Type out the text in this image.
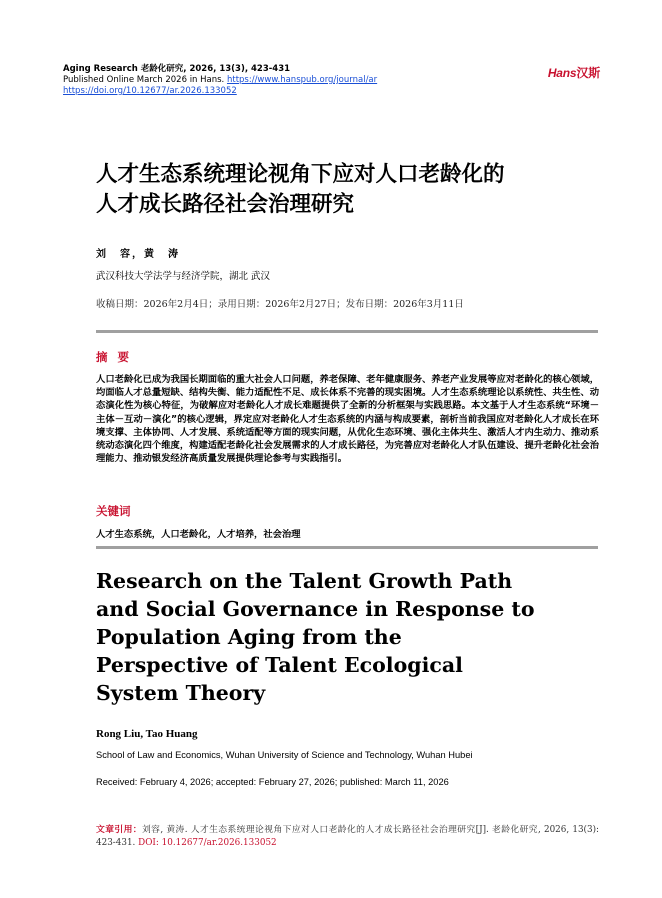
Aging Research 老龄化研究, 2026, 13(3), 423-431
Published Online March 2026 in Hans. https://www.hanspub.org/journal/ar
https://doi.org/10.12677/ar.2026.133052
Hans汉斯
人才生态系统理论视角下应对人口老龄化的
人才成长路径社会治理研究
刘　容，黄　涛
武汉科技大学法学与经济学院，湖北 武汉
收稿日期：2026年2月4日；录用日期：2026年2月27日；发布日期：2026年3月11日
摘 要
人口老龄化已成为我国长期面临的重大社会人口问题，养老保障、老年健康服务、养老产业发展等应对老龄化的核心领域，均面临人才总量短缺、结构失衡、能力适配性不足、成长体系不完善的现实困境。人才生态系统理论以系统性、共生性、动态演化性为核心特征，为破解应对老龄化人才成长难题提供了全新的分析框架与实践思路。本文基于人才生态系统“环境－主体－互动－演化”的核心逻辑，界定应对老龄化人才生态系统的内涵与构成要素，剖析当前我国应对老龄化人才成长在环境支撑、主体协同、人才发展、系统适配等方面的现实问题，从优化生态环境、强化主体共生、激活人才内生动力、推动系统动态演化四个维度，构建适配老龄化社会发展需求的人才成长路径，为完善应对老龄化人才队伍建设、提升老龄化社会治理能力、推动银发经济高质量发展提供理论参考与实践指引。
关键词
人才生态系统，人口老龄化，人才培养，社会治理
Research on the Talent Growth Path and Social Governance in Response to Population Aging from the Perspective of Talent Ecological System Theory
Rong Liu, Tao Huang
School of Law and Economics, Wuhan University of Science and Technology, Wuhan Hubei
Received: February 4, 2026; accepted: February 27, 2026; published: March 11, 2026
文章引用：刘容, 黄涛. 人才生态系统理论视角下应对人口老龄化的人才成长路径社会治理研究[J]. 老龄化研究, 2026, 13(3): 423-431. DOI: 10.12677/ar.2026.133052
